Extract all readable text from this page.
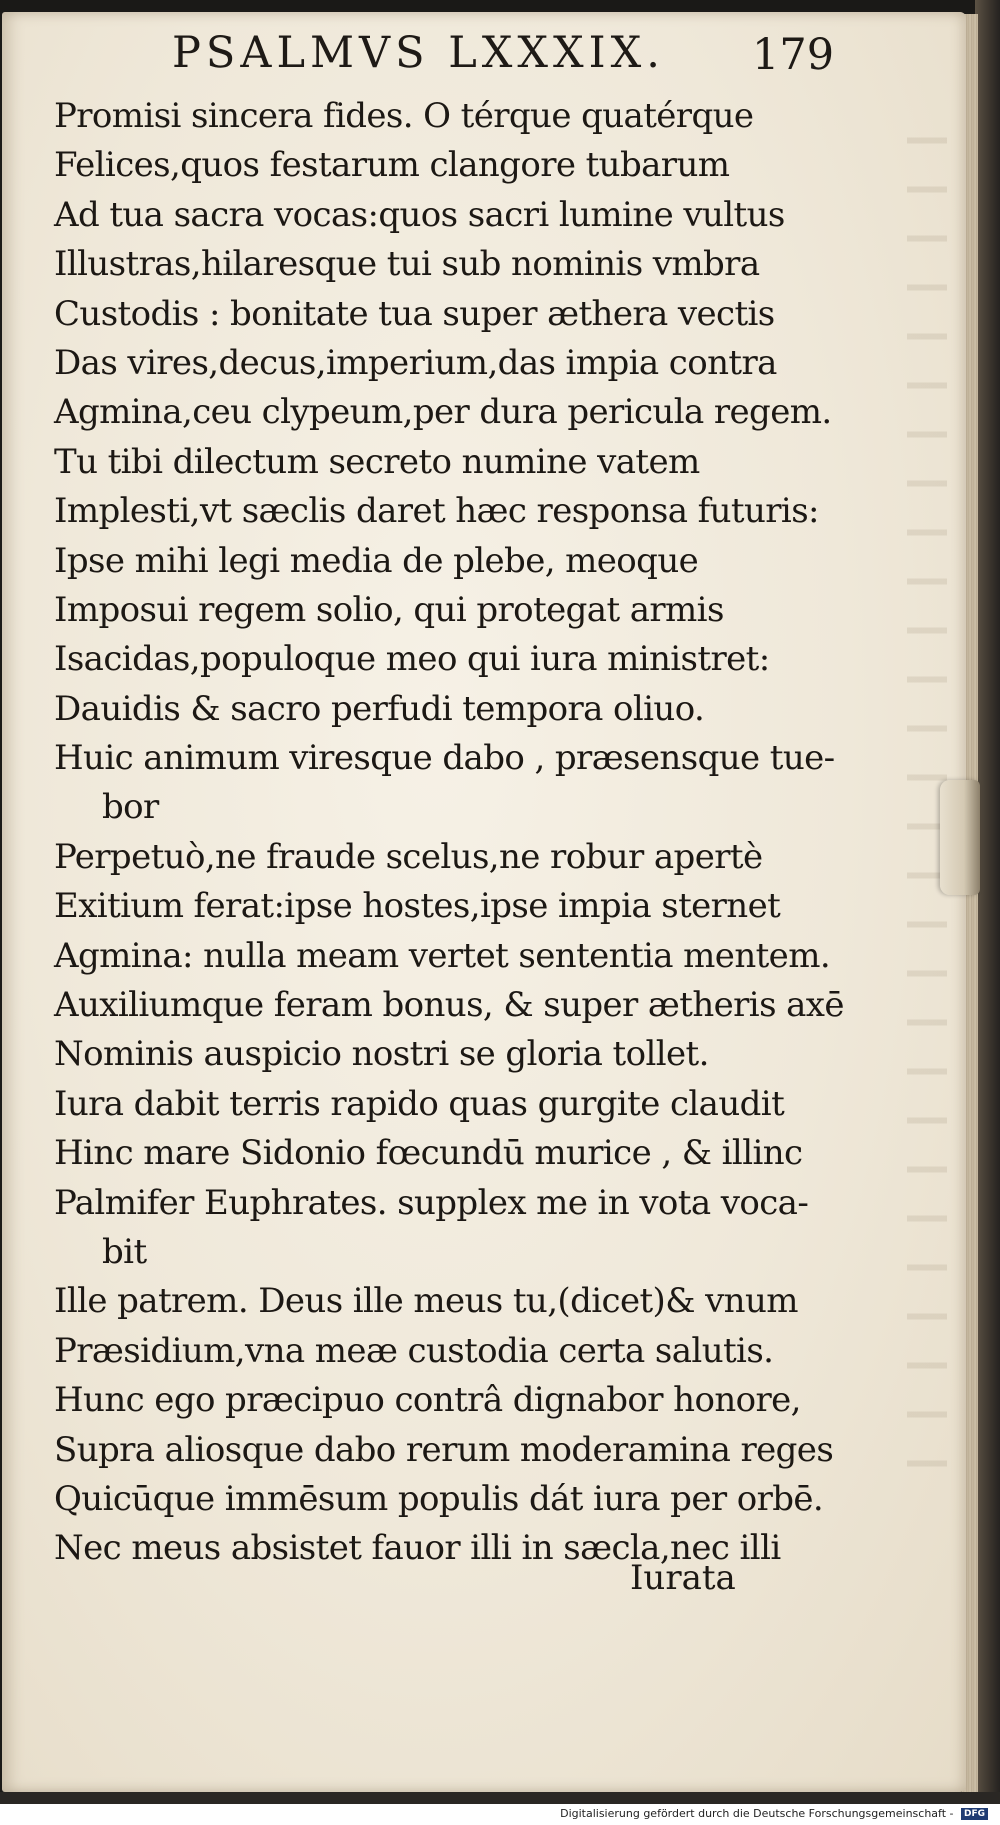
PSALMVS LXXXIX. 179
Promisi sincera fides. O térque quatérque
Felices,quos festarum clangore tubarum
Ad tua sacra vocas:quos sacri lumine vultus
Illustras,hilaresque tui sub nominis vmbra
Custodis : bonitate tua super æthera vectis
Das vires,decus,imperium,das impia contra
Agmina,ceu clypeum,per dura pericula regem.
Tu tibi dilectum secreto numine vatem
Implesti,vt sæclis daret hæc responsa futuris:
Ipse mihi legi media de plebe, meoque
Imposui regem solio, qui protegat armis
Isacidas,populoque meo qui iura ministret:
Dauidis & sacro perfudi tempora oliuo.
Huic animum viresque dabo , præsensque tue-
bor
Perpetuò,ne fraude scelus,ne robur apertè
Exitium ferat:ipse hostes,ipse impia sternet
Agmina: nulla meam vertet sententia mentem.
Auxiliumque feram bonus, & super ætheris axē
Nominis auspicio nostri se gloria tollet.
Iura dabit terris rapido quas gurgite claudit
Hinc mare Sidonio fœcundū murice , & illinc
Palmifer Euphrates. supplex me in vota voca-
bit
Ille patrem. Deus ille meus tu,(dicet)& vnum
Præsidium,vna meæ custodia certa salutis.
Hunc ego præcipuo contrâ dignabor honore,
Supra aliosque dabo rerum moderamina reges
Quicūque immēsum populis dát iura per orbē.
Nec meus absistet fauor illi in sæcla,nec illi
Iurata
Digitalisierung gefördert durch die Deutsche Forschungsgemeinschaft - DFG
